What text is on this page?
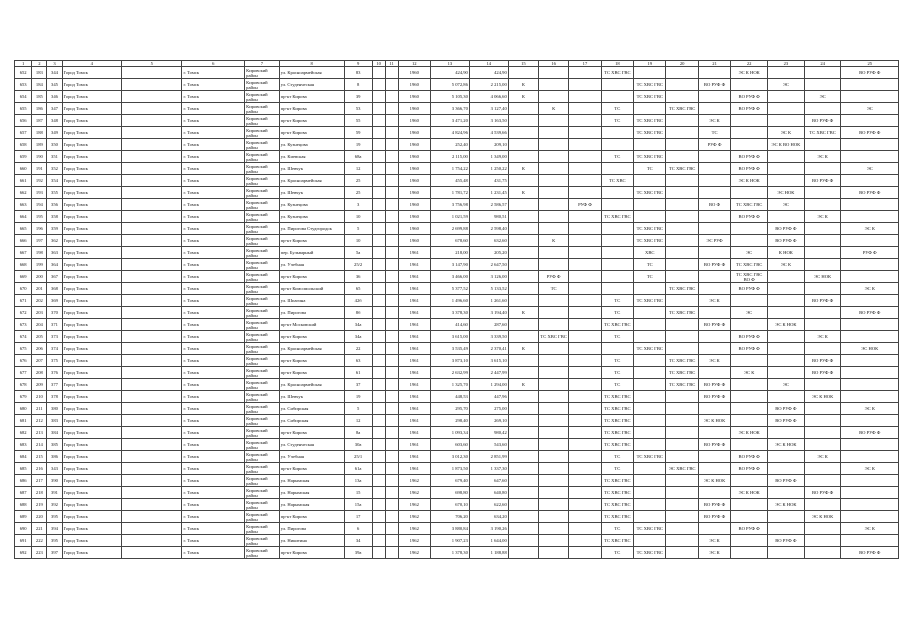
1	2	3	4	5	6	7	8	9	10	11	12	13	14	15	16	17	18	19	20	21	22	23	24	25
652	183	344	Город Томск		г. Томск	Кировский район	ул. Красноармейская	83			1960	424,90	424,90				ТС ХВС ГВС				ЭС К НОК			ВО РУФ Ф
653	184	345	Город Томск		г. Томск	Кировский район	ул. Студенческая	8			1960	5 072,86	2 215,00	К				ТС ХВС ГВС		ВО РУФ Ф		ЭС		
654	185	346	Город Томск		г. Томск	Кировский район	пр-кт Кирова	39			1960	5 105,30	4 066,60	К				ТС ХВС ГВС			ВО РУФ Ф		ЭС	
655	186	347	Город Томск		г. Томск	Кировский район	пр-кт Кирова	53			1960	3 366,70	3 127,40		К		ТС		ТС ХВС ГВС		ВО РУФ Ф			ЭС
656	187	348	Город Томск		г. Томск	Кировский район	пр-кт Кирова	55			1960	3 471,20	3 163,50				ТС	ТС ХВС ГВС		ЭС К			ВО РУФ Ф	
657	188	349	Город Томск		г. Томск	Кировский район	пр-кт Кирова	59			1960	4 824,96	4 539,66					ТС ХВС ГВС		ТС		ЭС К	ТС ХВС ГВС	ВО РУФ Ф
658	189	350	Город Томск		г. Томск	Кировский район	ул. Кузнецова	19			1960	252,40	209,10							РУФ Ф		ЭС К ВО НОК		
659	190	351	Город Томск		г. Томск	Кировский район	ул. Киевская	68а			1960	2 115,00	1 349,00				ТС	ТС ХВС ГВС			ВО РУФ Ф		ЭС К	
660	191	352	Город Томск		г. Томск	Кировский район	ул. Шевчук	12			1960	1 754,22	1 250,22	К				ТС	ТС ХВС ГВС		ВО РУФ Ф			ЭС
661	192	354	Город Томск		г. Томск	Кировский район	ул. Красноармейская	25			1960	455,48	431,75				ТС ХВС				ЭС К НОК		ВО РУФ Ф	
662	193	355	Город Томск		г. Томск	Кировский район	ул. Шевчук	25			1960	1 781,72	1 231,45	К				ТС ХВС ГВС				ЭС НОК		ВО РУФ Ф
663	194	356	Город Томск		г. Томск	Кировский район	ул. Кузнецова	3			1960	3 756,98	2 586,57			РУФ Ф				ВО Ф	ТС ХВС ГВС	ЭС		
664	195	358	Город Томск		г. Томск	Кировский район	ул. Кузнецова	10			1960	1 021,59	980,51				ТС ХВС ГВС				ВО РУФ Ф		ЭС К	
665	196	359	Город Томск		г. Томск	Кировский район	ул. Пирогова Студгородок	5			1960	2 699,88	2 598,40					ТС ХВС ГВС				ВО РУФ Ф		ЭС К
666	197	362	Город Томск		г. Томск	Кировский район	пр-кт Кирова	10			1960	678,60	632,60		К			ТС ХВС ГВС		ЭС РУФ		ВО РУФ Ф		
667	198	363	Город Томск		г. Томск	Кировский район	пер. Бульварный	5а			1961	218,00	205,20					ХВС			ЭС	К НОК		РУФ Ф
668	199	364	Город Томск		г. Томск	Кировский район	ул. Учебная	25/2			1961	3 147,90	2 647,50					ТС		ВО РУФ Ф	ТС ХВС ГВС	ЭС К		
669	200	367	Город Томск		г. Томск	Кировский район	пр-кт Кирова	36			1961	3 466,00	3 126,00		РУФ Ф			ТС			ТС ХВС ГВС ВО Ф		ЭС НОК	
670	201	368	Город Томск		г. Томск	Кировский район	пр-кт Комсомольский	65			1961	5 377,52	5 133,52		ТС				ТС ХВС ГВС		ВО РУФ Ф			ЭС К
671	202	369	Город Томск		г. Томск	Кировский район	ул. Шпагина	42б			1961	1 496,60	1 261,60				ТС	ТС ХВС ГВС		ЭС К			ВО РУФ Ф	
672	203	370	Город Томск		г. Томск	Кировский район	ул. Пирогова	8б			1961	3 378,30	3 194,40	К			ТС		ТС ХВС ГВС		ЭС			ВО РУФ Ф
673	204	371	Город Томск		г. Томск	Кировский район	пр-кт Московский	34а			1961	414,60	287,60				ТС ХВС ГВС			ВО РУФ Ф		ЭС К НОК		
674	205	373	Город Томск		г. Томск	Кировский район	пр-кт Кирова	34а			1961	3 615,00	3 339,50		ТС ХВС ГВС		ТС				ВО РУФ Ф		ЭС К	
675	206	374	Город Томск		г. Томск	Кировский район	ул. Красноармейская	22			1961	3 535,49	2 370,41	К				ТС ХВС ГВС			ВО РУФ Ф			ЭС НОК
676	207	375	Город Томск		г. Томск	Кировский район	пр-кт Кирова	63			1961	3 873,10	3 615,10				ТС		ТС ХВС ГВС	ЭС К			ВО РУФ Ф	
677	208	376	Город Томск		г. Томск	Кировский район	пр-кт Кирова	61			1961	2 632,99	2 447,99				ТС		ТС ХВС ГВС		ЭС К		ВО РУФ Ф	
678	209	377	Город Томск		г. Томск	Кировский район	ул. Красноармейская	37			1961	1 325,70	1 294,00	К			ТС		ТС ХВС ГВС	ВО РУФ Ф		ЭС		
679	210	378	Город Томск		г. Томск	Кировский район	ул. Шевчук	19			1961	448,53	447,96				ТС ХВС ГВС			ВО РУФ Ф			ЭС К НОК	
680	211	380	Город Томск		г. Томск	Кировский район	ул. Сибирская	5			1961	295,70	275,00				ТС ХВС ГВС					ВО РУФ Ф		ЭС К
681	212	383	Город Томск		г. Томск	Кировский район	ул. Сибирская	12			1961	298,40	269,10				ТС ХВС ГВС			ЭС К НОК		ВО РУФ Ф		
682	213	384	Город Томск		г. Томск	Кировский район	пр-кт Кирова	8а			1961	1 093,34	980,42				ТС ХВС ГВС				ЭС К НОК			ВО РУФ Ф
683	214	385	Город Томск		г. Томск	Кировский район	ул. Студенческая	30а			1961	603,60	543,60				ТС ХВС ГВС			ВО РУФ Ф		ЭС К НОК		
684	215	386	Город Томск		г. Томск	Кировский район	ул. Учебная	25/1			1961	3 012,30	2 851,99				ТС	ТС ХВС ГВС			ВО РУФ Ф		ЭС К	
685	216	343	Город Томск		г. Томск	Кировский район	пр-кт Кирова	61а			1961	1 873,50	1 337,30				ТС		ЭС ХВС ГВС		ВО РУФ Ф			ЭС К
686	217	390	Город Томск		г. Томск	Кировский район	ул. Нарымская	13а			1962	679,40	647,60				ТС ХВС ГВС			ЭС К НОК		ВО РУФ Ф		
687	218	391	Город Томск		г. Томск	Кировский район	ул. Нарымская	15			1962	698,80	640,80				ТС ХВС ГВС				ЭС К НОК		ВО РУФ Ф	
688	219	392	Город Томск		г. Томск	Кировский район	ул. Нарымская	15а			1962	670,10	622,60				ТС ХВС ГВС			ВО РУФ Ф		ЭС К НОК		
689	220	395	Город Томск		г. Томск	Кировский район	пр-кт Кирова	17			1962	706,20	634,20				ТС ХВС ГВС			ВО РУФ Ф			ЭС К НОК	
690	221	394	Город Томск		г. Томск	Кировский район	ул. Пирогова	6			1962	3 880,84	3 190,26				ТС	ТС ХВС ГВС			ВО РУФ Ф			ЭС К
691	222	395	Город Томск		г. Томск	Кировский район	ул. Никитина	34			1962	1 907,23	1 644,00				ТС ХВС ГВС			ЭС К		ВО РУФ Ф		
692	223	397	Город Томск		г. Томск	Кировский район	пр-кт Кирова	39а			1962	1 378,30	1 188,88				ТС	ТС ХВС ГВС		ЭС К				ВО РУФ Ф
